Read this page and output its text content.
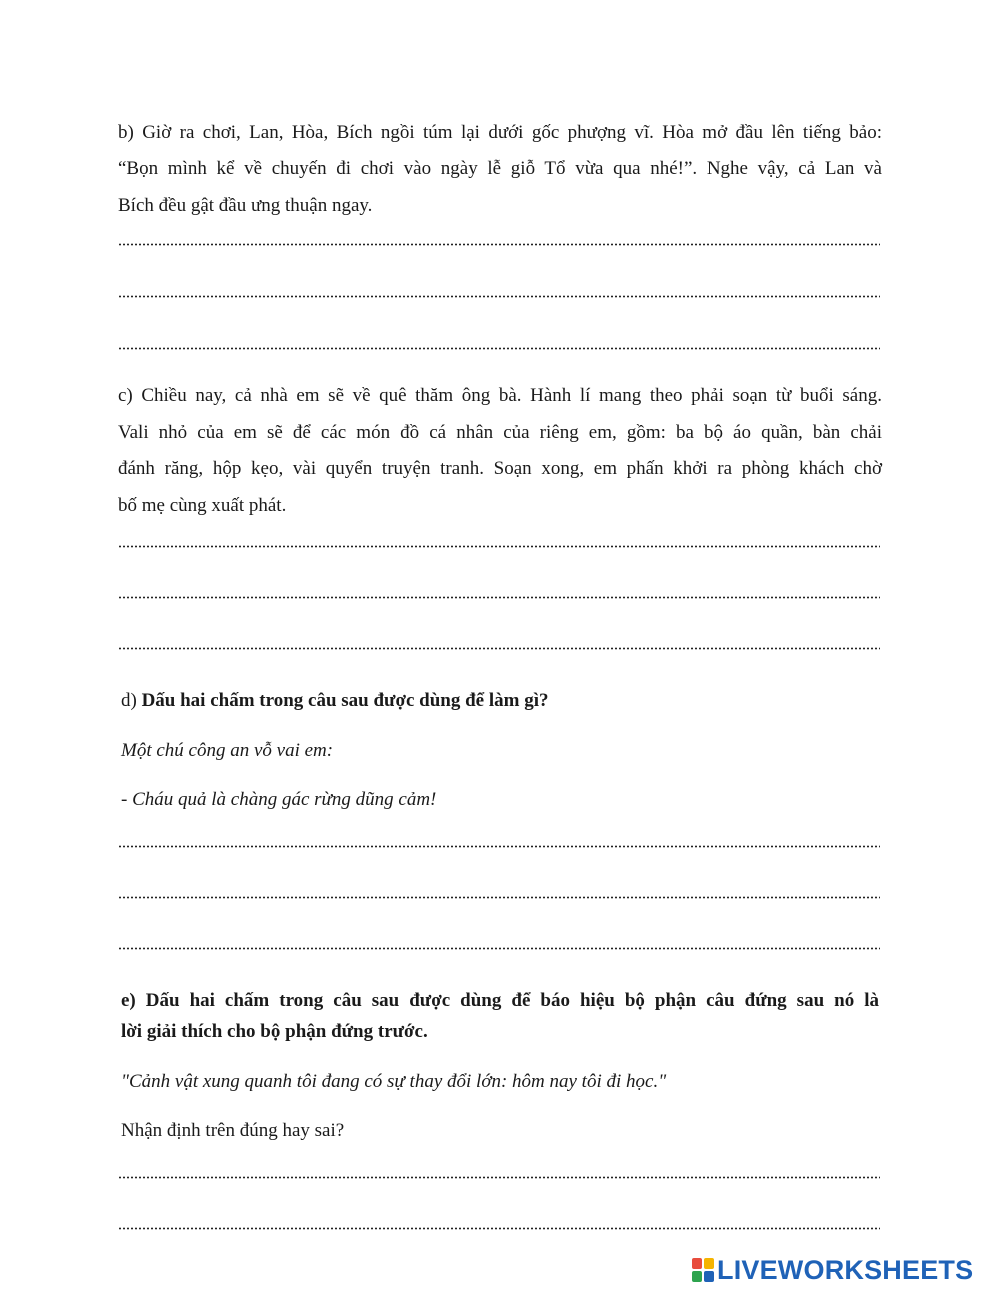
b) Giờ ra chơi, Lan, Hòa, Bích ngồi túm lại dưới gốc phượng vĩ. Hòa mở đầu lên tiếng bảo:
“Bọn mình kể về chuyến đi chơi vào ngày lễ giỗ Tổ vừa qua nhé!”. Nghe vậy, cả Lan và
Bích đều gật đầu ưng thuận ngay.
c) Chiều nay, cả nhà em sẽ về quê thăm ông bà. Hành lí mang theo phải soạn từ buổi sáng.
Vali nhỏ của em sẽ để các món đồ cá nhân của riêng em, gồm: ba bộ áo quần, bàn chải
đánh răng, hộp kẹo, vài quyển truyện tranh. Soạn xong, em phấn khởi ra phòng khách chờ
bố mẹ cùng xuất phát.
d) Dấu hai chấm trong câu sau được dùng để làm gì?
Một chú công an vỗ vai em:
- Cháu quả là chàng gác rừng dũng cảm!
e) Dấu hai chấm trong câu sau được dùng để báo hiệu bộ phận câu đứng sau nó là
lời giải thích cho bộ phận đứng trước.
"Cảnh vật xung quanh tôi đang có sự thay đổi lớn: hôm nay tôi đi học."
Nhận định trên đúng hay sai?
LIVEWORKSHEETS
